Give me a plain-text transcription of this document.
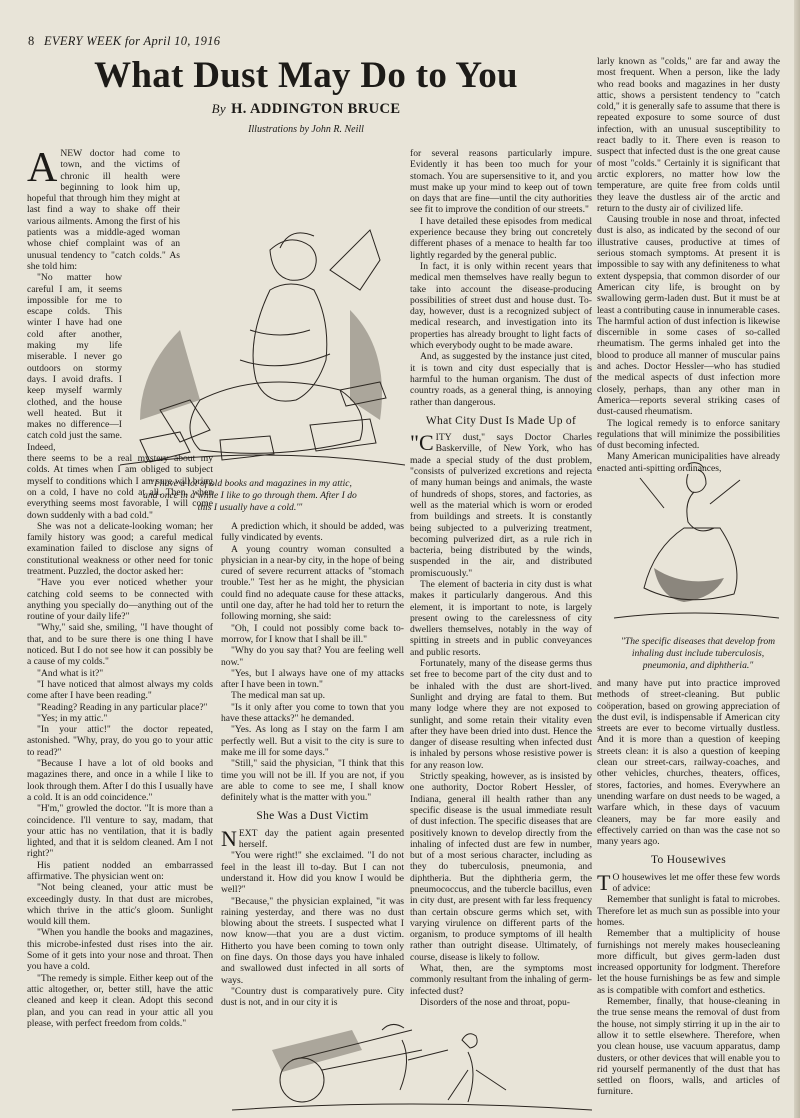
8 EVERY WEEK for April 10, 1916
What Dust May Do to You
By H. ADDINGTON BRUCE
Illustrations by John R. Neill
"'I have a lot of old books and magazines in my attic, and once in a while I like to go through them. After I do this I usually have a cold.'"
"The specific diseases that develop from inhaling dust include tuberculosis, pneumonia, and diphtheria."

ANEW doctor had come to town, and the victims of chronic ill health were beginning to look him up, hopeful that through him they might at last find a way to shake off their various ailments. Among the first of his patients was a middle-aged woman whose chief complaint was of an unusual tendency to "catch colds." As she told him:

"No matter how careful I am, it seems impossible for me to escape colds. This winter I have had one cold after another, making my life miserable. I never go outdoors on stormy days. I avoid drafts. I keep myself warmly clothed, and the house well heated. But it makes no difference—I catch cold just the same. Indeed,

there seems to be a real mystery about my colds. At times when I am obliged to subject myself to conditions which I am sure will bring on a cold, I have no cold at all. Then, when everything seems most favorable, I will come down suddenly with a bad cold."

She was not a delicate-looking woman; her family history was good; a careful medical examination failed to disclose any signs of constitutional weakness or other need for tonic treatment. Puzzled, the doctor asked her:

"Have you ever noticed whether your catching cold seems to be connected with anything you specially do—anything out of the routine of your daily life?"

"Why," said she, smiling, "I have thought of that, and to be sure there is one thing I have noticed. But I do not see how it can possibly be a cause of my colds."

"And what is it?"

"I have noticed that almost always my colds come after I have been reading."

"Reading? Reading in any particular place?"

"Yes; in my attic."

"In your attic!" the doctor repeated, astonished. "Why, pray, do you go to your attic to read?"

"Because I have a lot of old books and magazines there, and once in a while I like to look through them. After I do this I usually have a cold. It is an odd coincidence."

"H'm," growled the doctor. "It is more than a coincidence. I'll venture to say, madam, that your attic has no ventilation, that it is badly lighted, and that it is seldom cleaned. Am I not right?"

His patient nodded an embarrassed affirmative. The physician went on:

"Not being cleaned, your attic must be exceedingly dusty. In that dust are microbes, which thrive in the attic's gloom. Sunlight would kill them.

"When you handle the books and magazines, this microbe-infested dust rises into the air. Some of it gets into your nose and throat. Then you have a cold.

"The remedy is simple. Either keep out of the attic altogether, or, better still, have the attic cleaned and keep it clean. Adopt this second plan, and you can read in your attic all you please, with perfect freedom from colds."

A prediction which, it should be added, was fully vindicated by events.

A young country woman consulted a physician in a near-by city, in the hope of being cured of severe recurrent attacks of "stomach trouble." Test her as he might, the physician could find no adequate cause for these attacks, until one day, after he had told her to return the following morning, she said:

"Oh, I could not possibly come back to-morrow, for I know that I shall be ill."

"Why do you say that? You are feeling well now."

"Yes, but I always have one of my attacks after I have been in town."

The medical man sat up.

"Is it only after you come to town that you have these attacks?" he demanded.

"Yes. As long as I stay on the farm I am perfectly well. But a visit to the city is sure to make me ill for some days."

"Still," said the physician, "I think that this time you will not be ill. If you are not, if you are able to come to see me, I shall know definitely what is the matter with you."

She Was a Dust Victim

NEXT day the patient again presented herself.

"You were right!" she exclaimed. "I do not feel in the least ill to-day. But I can not understand it. How did you know I would be well?"

"Because," the physician explained, "it was raining yesterday, and there was no dust blowing about the streets. I suspected what I now know—that you are a dust victim. Hitherto you have been coming to town only on fine days. On those days you have inhaled and swallowed dust infected in all sorts of ways.

"Country dust is comparatively pure. City dust is not, and in our city it is

for several reasons particularly impure. Evidently it has been too much for your stomach. You are supersensitive to it, and you must make up your mind to keep out of town on days that are fine—until the city authorities see fit to improve the condition of our streets."

I have detailed these episodes from medical experience because they bring out concretely different phases of a menace to health far too lightly regarded by the general public.

In fact, it is only within recent years that medical men themselves have really begun to take into account the disease-producing possibilities of street dust and house dust. To-day, however, dust is a recognized subject of medical research, and investigation into its properties has already brought to light facts of which everybody ought to be made aware.

And, as suggested by the instance just cited, it is town and city dust especially that is harmful to the human organism. The dust of country roads, as a general thing, is annoying rather than dangerous.

What City Dust Is Made Up of

"CITY dust," says Doctor Charles Baskerville, of New York, who has made a special study of the dust problem, "consists of pulverized excretions and rejecta of many human beings and animals, the waste of hundreds of shops, stores, and factories, as well as the material which is worn or eroded from buildings and streets. It is constantly being subjected to a pulverizing treatment, becoming pulverized dirt, as a rule rich in bacteria, being distributed by the winds, suspended in the air, and distributed promiscuously."

The element of bacteria in city dust is what makes it particularly dangerous. And this element, it is important to note, is largely present owing to the carelessness of city dwellers themselves, notably in the way of spitting in streets and in public conveyances and public resorts.

Fortunately, many of the disease germs thus set free to become part of the city dust and to be inhaled with the dust are short-lived. Sunlight and drying are fatal to them. But many lodge where they are not exposed to sunlight, and some retain their vitality even after they have been dried into dust. Hence the danger of disease resulting when infected dust is inhaled by persons whose resistive power is for any reason low.

Strictly speaking, however, as is insisted by one authority, Doctor Robert Hessler, of Indiana, general ill health rather than any specific disease is the usual immediate result of dust infection. The specific diseases that are positively known to develop directly from the inhaling of infected dust are few in number, but of a most serious character, including as they do tuberculosis, pneumonia, and diphtheria. But the diphtheria germ, the pneumococcus, and the tubercle bacillus, even in city dust, are present with far less frequency than certain obscure germs which set, with varying virulence on different parts of the organism, to produce symptoms of ill health rather than outright disease. Ultimately, of course, disease is likely to follow.

What, then, are the symptoms most commonly resultant from the inhaling of germ-infected dust?

Disorders of the nose and throat, popu-

larly known as "colds," are far and away the most frequent. When a person, like the lady who read books and magazines in her dusty attic, shows a persistent tendency to "catch cold," it is generally safe to assume that there is repeated exposure to some source of dust infection, with an unusual susceptibility to react badly to it. There even is reason to suspect that infected dust is the one great cause of most "colds." Certainly it is significant that arctic explorers, no matter how low the temperature, are quite free from colds until they leave the dustless air of the arctic and return to the dusty air of civilized life.

Causing trouble in nose and throat, infected dust is also, as indicated by the second of our illustrative causes, productive at times of serious stomach symptoms. At present it is impossible to say with any definiteness to what extent dyspepsia, that common disorder of our American city life, is brought on by swallowing germ-laden dust. But it must be at least a contributing cause in innumerable cases. The harmful action of dust infection is likewise discernible in some cases of so-called rheumatism. The germs inhaled get into the blood to produce all manner of muscular pains and aches. Doctor Hessler—who has studied the medical aspects of dust infection more closely, perhaps, than any other man in America—reports several striking cases of dust-caused rheumatism.

The logical remedy is to enforce sanitary regulations that will minimize the possibilities of dust becoming infected.

Many American municipalities have already enacted anti-spitting ordinances,

and many have put into practice improved methods of street-cleaning. But public coöperation, based on growing appreciation of the dust evil, is indispensable if American city streets are ever to become virtually dustless. And it is more than a question of keeping streets clean: it is also a question of keeping clean our street-cars, railway-coaches, and other vehicles, churches, theaters, offices, stores, factories, and homes. Everywhere an unending warfare on dust needs to be waged, a warfare which, in these days of vacuum cleaners, may be far more easily and effectively carried on than was the case not so many years ago.

To Housewives

T O housewives let me offer these few words of advice:

Remember that sunlight is fatal to microbes. Therefore let as much sun as possible into your homes.

Remember that a multiplicity of house furnishings not merely makes housecleaning more difficult, but gives germ-laden dust increased opportunity for lodgment. Therefore let the house furnishings be as few and simple as is compatible with comfort and esthetics.

Remember, finally, that house-cleaning in the true sense means the removal of dust from the house, not simply stirring it up in the air to allow it to settle elsewhere. Therefore, when you clean house, use vacuum apparatus, damp dusters, or other devices that will enable you to rid yourself permanently of the dust that has settled on floors, walls, and articles of furniture.
